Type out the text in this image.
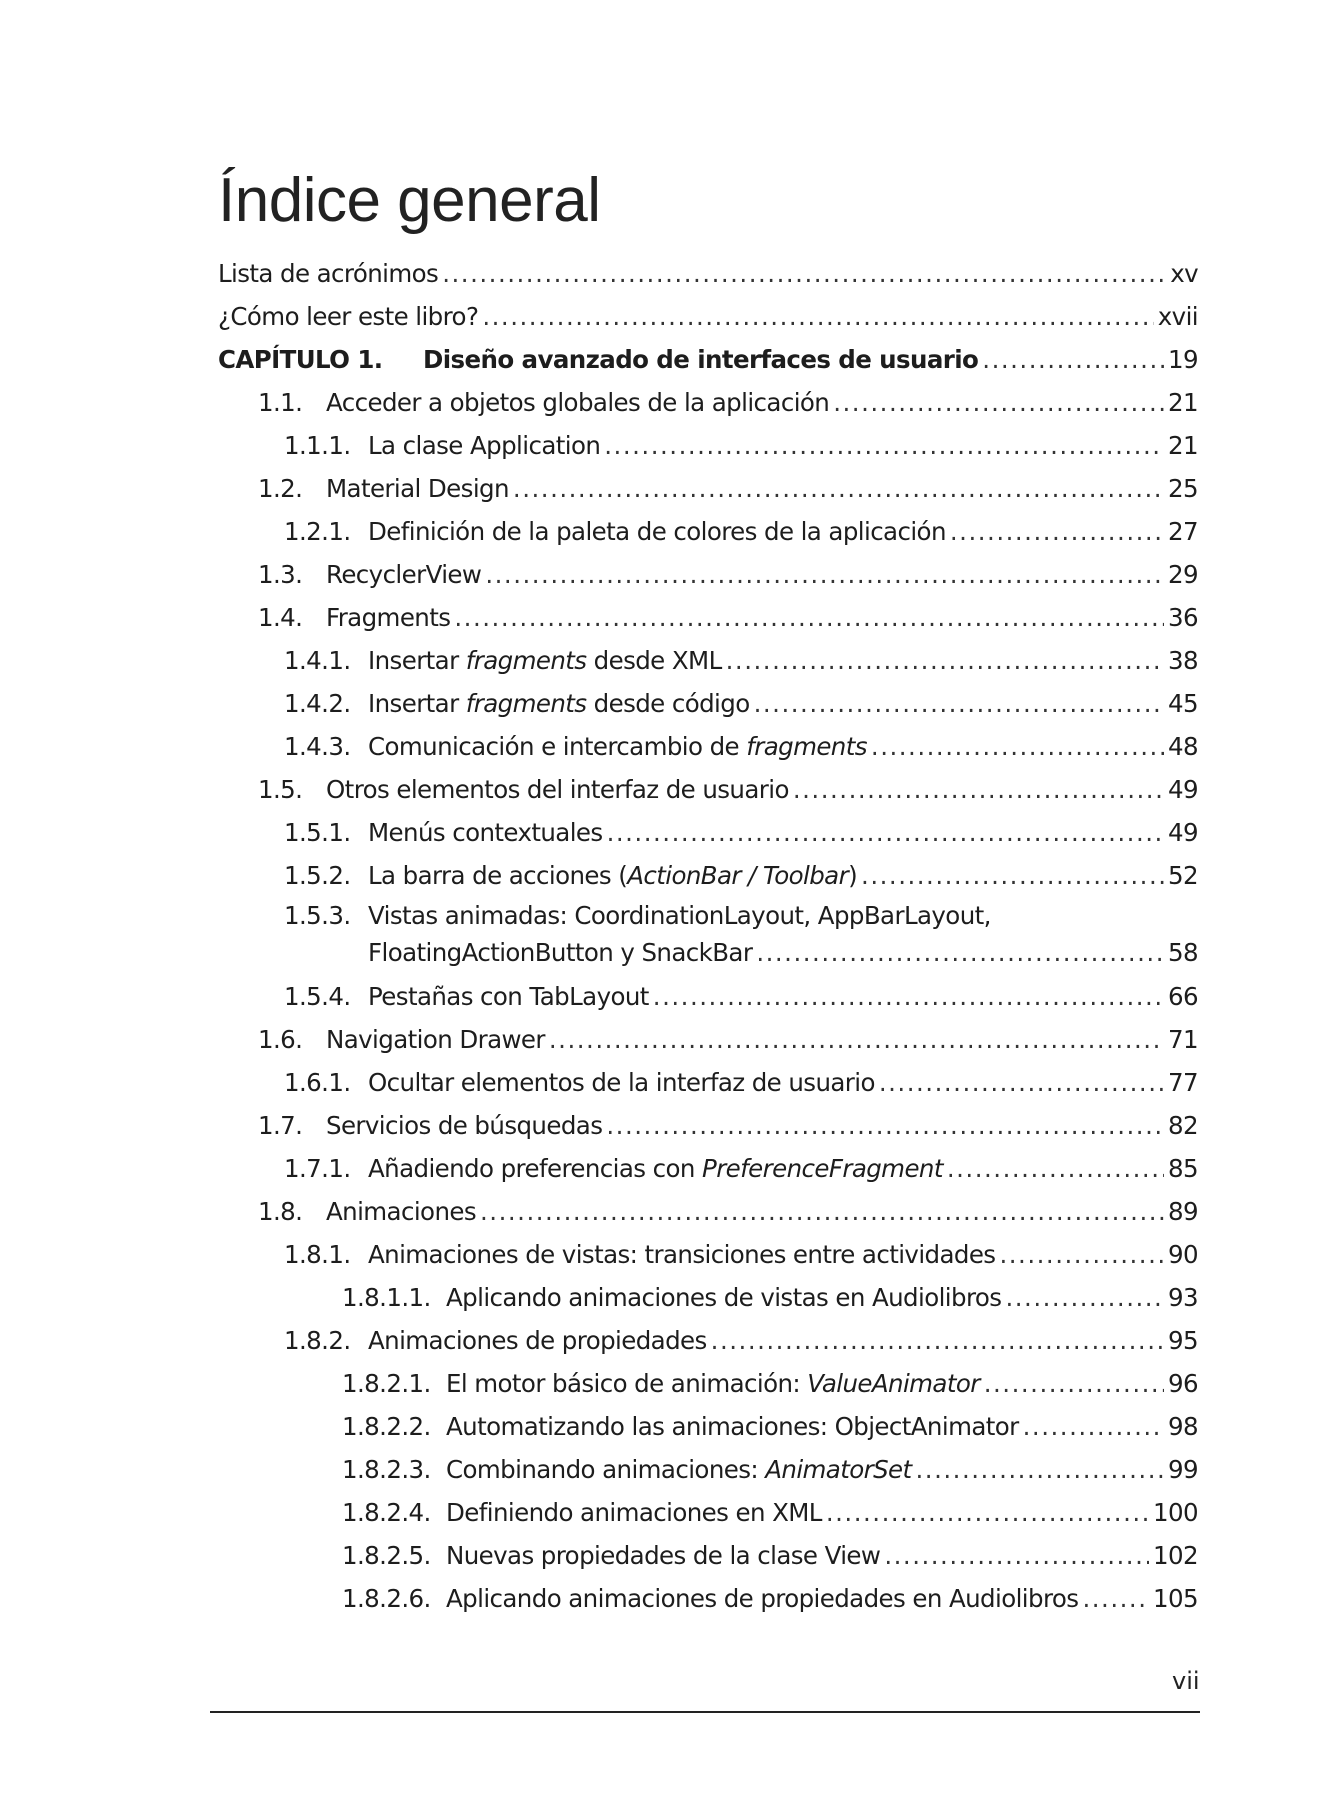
Índice general
Lista de acrónimos .....	xv
¿Cómo leer este libro? .....	xvii
CAPÍTULO 1.	Diseño avanzado de interfaces de usuario .....	19
1.1. Acceder a objetos globales de la aplicación .....	21
1.1.1. La clase Application .....	21
1.2. Material Design .....	25
1.2.1. Definición de la paleta de colores de la aplicación .....	27
1.3. RecyclerView .....	29
1.4. Fragments .....	36
1.4.1. Insertar fragments desde XML .....	38
1.4.2. Insertar fragments desde código .....	45
1.4.3. Comunicación e intercambio de fragments .....	48
1.5. Otros elementos del interfaz de usuario .....	49
1.5.1. Menús contextuales .....	49
1.5.2. La barra de acciones (ActionBar / Toolbar) .....	52
1.5.3. Vistas animadas: CoordinationLayout, AppBarLayout,
FloatingActionButton y SnackBar .....	58
1.5.4. Pestañas con TabLayout .....	66
1.6. Navigation Drawer .....	71
1.6.1. Ocultar elementos de la interfaz de usuario .....	77
1.7. Servicios de búsquedas .....	82
1.7.1. Añadiendo preferencias con PreferenceFragment .....	85
1.8. Animaciones .....	89
1.8.1. Animaciones de vistas: transiciones entre actividades .....	90
1.8.1.1. Aplicando animaciones de vistas en Audiolibros .....	93
1.8.2. Animaciones de propiedades .....	95
1.8.2.1. El motor básico de animación: ValueAnimator .....	96
1.8.2.2. Automatizando las animaciones: ObjectAnimator .....	98
1.8.2.3. Combinando animaciones: AnimatorSet .....	99
1.8.2.4. Definiendo animaciones en XML .....	100
1.8.2.5. Nuevas propiedades de la clase View .....	102
1.8.2.6. Aplicando animaciones de propiedades en Audiolibros .....	105
vii
